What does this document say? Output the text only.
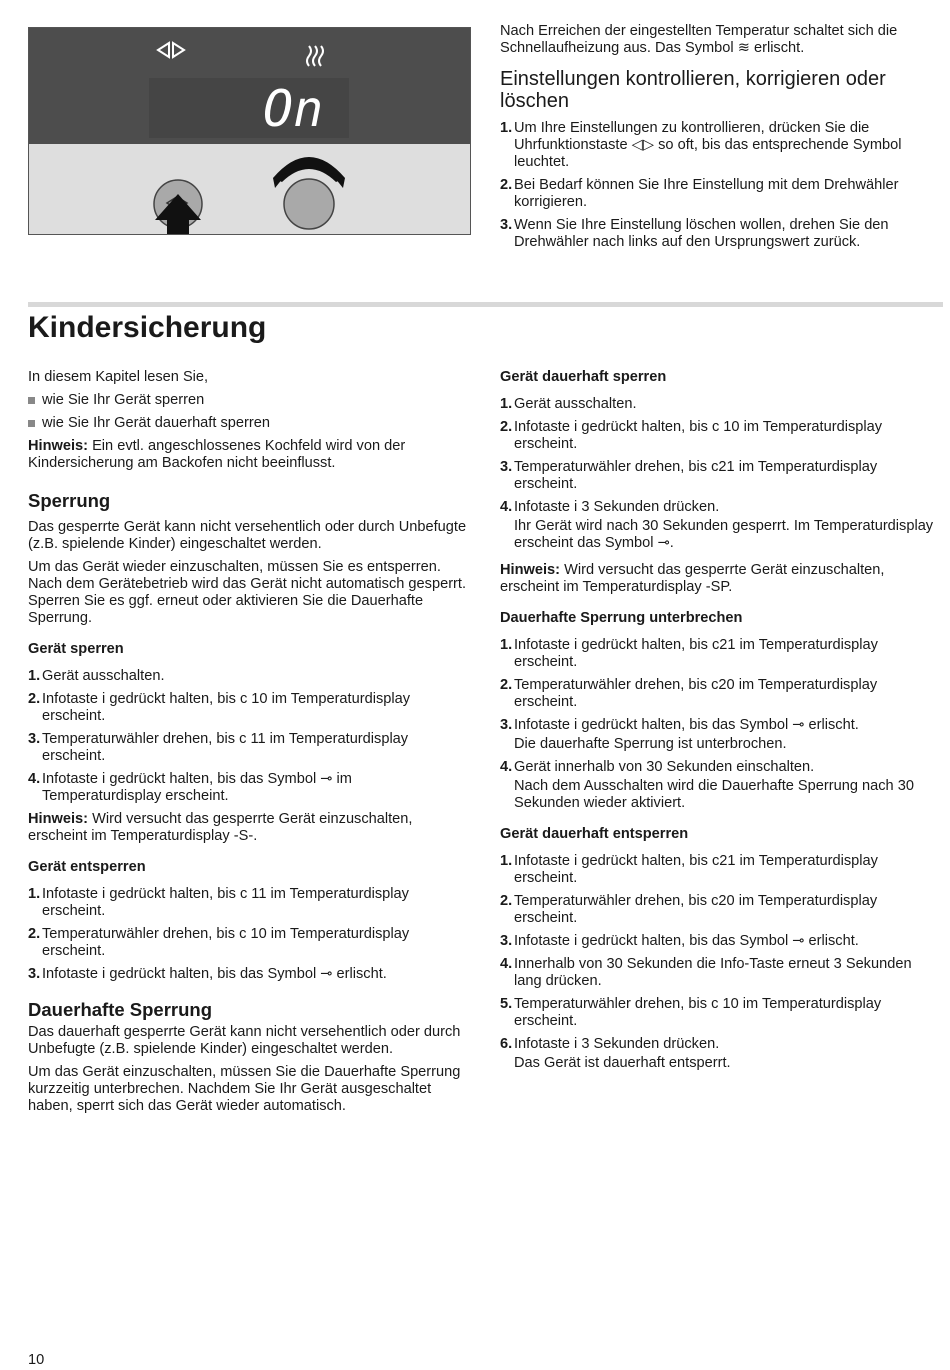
On

Nach Erreichen der eingestellten Temperatur schaltet sich die Schnellaufheizung aus. Das Symbol ≋ erlischt.

Einstellungen kontrollieren, korrigieren oder löschen

1. Um Ihre Einstellungen zu kontrollieren, drücken Sie die Uhrfunktionstaste ◁▷ so oft, bis das entsprechende Symbol leuchtet.
2. Bei Bedarf können Sie Ihre Einstellung mit dem Drehwähler korrigieren.
3. Wenn Sie Ihre Einstellung löschen wollen, drehen Sie den Drehwähler nach links auf den Ursprungswert zurück.
Kindersicherung

In diesem Kapitel lesen Sie,

wie Sie Ihr Gerät sperren
wie Sie Ihr Gerät dauerhaft sperren

Hinweis: Ein evtl. angeschlossenes Kochfeld wird von der Kindersicherung am Backofen nicht beeinflusst.

Sperrung

Das gesperrte Gerät kann nicht versehentlich oder durch Unbefugte (z.B. spielende Kinder) eingeschaltet werden.

Um das Gerät wieder einzuschalten, müssen Sie es entsperren. Nach dem Gerätebetrieb wird das Gerät nicht automatisch gesperrt. Sperren Sie es ggf. erneut oder aktivieren Sie die Dauerhafte Sperrung.

Gerät sperren

1. Gerät ausschalten.
2. Infotaste i gedrückt halten, bis c 10 im Temperaturdisplay erscheint.
3. Temperaturwähler drehen, bis c 11 im Temperaturdisplay erscheint.
4. Infotaste i gedrückt halten, bis das Symbol ⊸ im Temperaturdisplay erscheint.

Hinweis: Wird versucht das gesperrte Gerät einzuschalten, erscheint im Temperaturdisplay -S-.

Gerät entsperren

1. Infotaste i gedrückt halten, bis c 11 im Temperaturdisplay erscheint.
2. Temperaturwähler drehen, bis c 10 im Temperaturdisplay erscheint.
3. Infotaste i gedrückt halten, bis das Symbol ⊸ erlischt.

Dauerhafte Sperrung

Das dauerhaft gesperrte Gerät kann nicht versehentlich oder durch Unbefugte (z.B. spielende Kinder) eingeschaltet werden.

Um das Gerät einzuschalten, müssen Sie die Dauerhafte Sperrung kurzzeitig unterbrechen. Nachdem Sie Ihr Gerät ausgeschaltet haben, sperrt sich das Gerät wieder automatisch.

Gerät dauerhaft sperren

1. Gerät ausschalten.
2. Infotaste i gedrückt halten, bis c 10 im Temperaturdisplay erscheint.
3. Temperaturwähler drehen, bis c21 im Temperaturdisplay erscheint.
4. Infotaste i 3 Sekunden drücken.

Ihr Gerät wird nach 30 Sekunden gesperrt. Im Temperaturdisplay erscheint das Symbol ⊸.

Hinweis: Wird versucht das gesperrte Gerät einzuschalten, erscheint im Temperaturdisplay -SP.

Dauerhafte Sperrung unterbrechen

1. Infotaste i gedrückt halten, bis c21 im Temperaturdisplay erscheint.
2. Temperaturwähler drehen, bis c20 im Temperaturdisplay erscheint.
3. Infotaste i gedrückt halten, bis das Symbol ⊸ erlischt.

Die dauerhafte Sperrung ist unterbrochen.

4. Gerät innerhalb von 30 Sekunden einschalten.

Nach dem Ausschalten wird die Dauerhafte Sperrung nach 30 Sekunden wieder aktiviert.

Gerät dauerhaft entsperren

1. Infotaste i gedrückt halten, bis c21 im Temperaturdisplay erscheint.
2. Temperaturwähler drehen, bis c20 im Temperaturdisplay erscheint.
3. Infotaste i gedrückt halten, bis das Symbol ⊸ erlischt.
4. Innerhalb von 30 Sekunden die Info-Taste erneut 3 Sekunden lang drücken.
5. Temperaturwähler drehen, bis c 10 im Temperaturdisplay erscheint.
6. Infotaste i 3 Sekunden drücken.

Das Gerät ist dauerhaft entsperrt.

10
